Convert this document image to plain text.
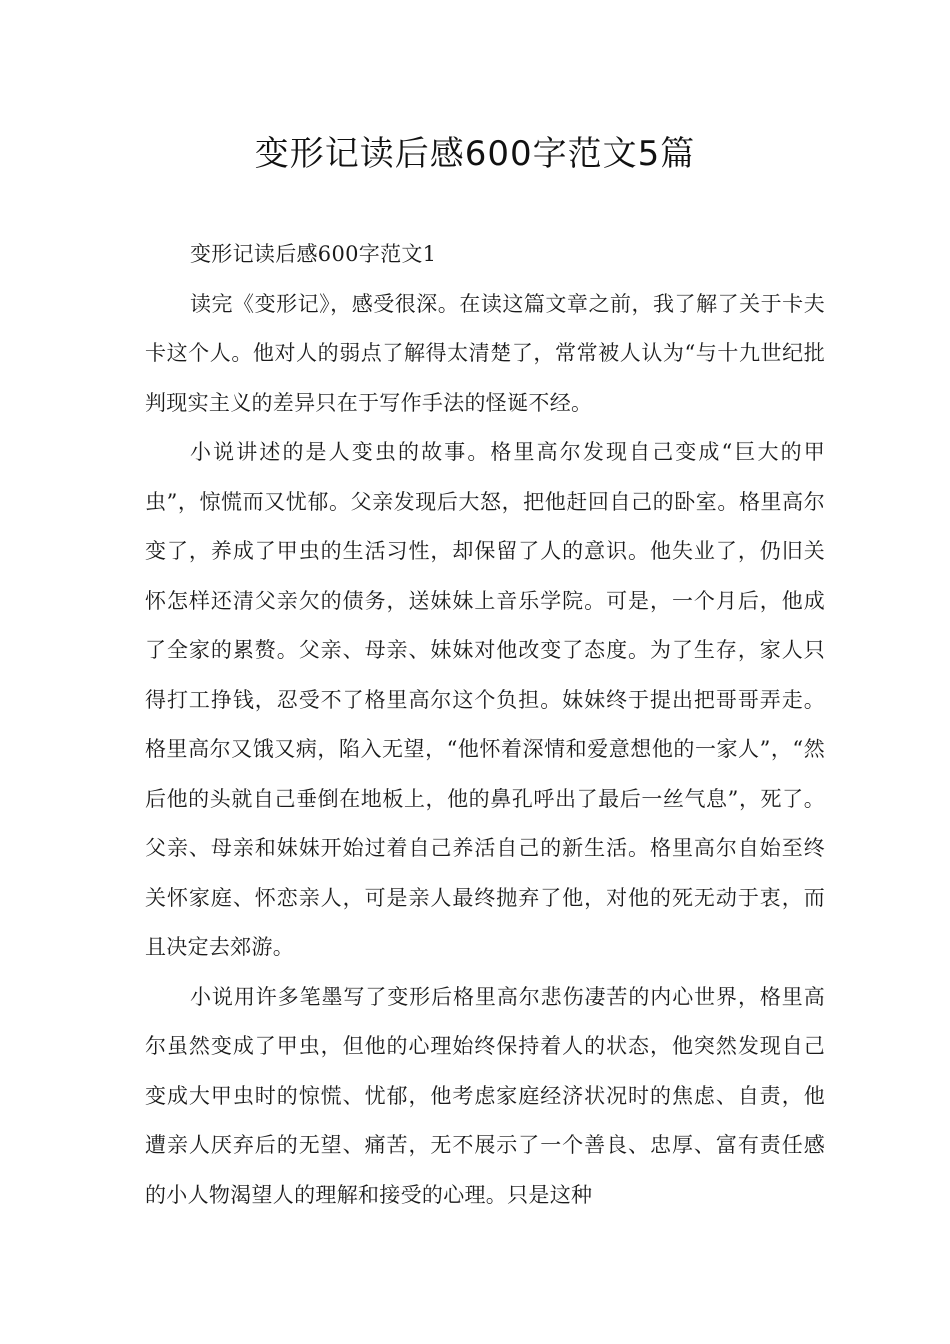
变形记读后感600字范文5篇

变形记读后感600字范文1

读完《变形记》，感受很深。在读这篇文章之前，我了解了关于卡夫卡这个人。他对人的弱点了解得太清楚了，常常被人认为“与十九世纪批判现实主义的差异只在于写作手法的怪诞不经。

小说讲述的是人变虫的故事。格里高尔发现自己变成“巨大的甲虫”，惊慌而又忧郁。父亲发现后大怒，把他赶回自己的卧室。格里高尔变了，养成了甲虫的生活习性，却保留了人的意识。他失业了，仍旧关怀怎样还清父亲欠的债务，送妹妹上音乐学院。可是，一个月后，他成了全家的累赘。父亲、母亲、妹妹对他改变了态度。为了生存，家人只得打工挣钱，忍受不了格里高尔这个负担。妹妹终于提出把哥哥弄走。格里高尔又饿又病，陷入无望，“他怀着深情和爱意想他的一家人”，“然后他的头就自己垂倒在地板上，他的鼻孔呼出了最后一丝气息”，死了。父亲、母亲和妹妹开始过着自己养活自己的新生活。格里高尔自始至终关怀家庭、怀恋亲人，可是亲人最终抛弃了他，对他的死无动于衷，而且决定去郊游。

小说用许多笔墨写了变形后格里高尔悲伤凄苦的内心世界，格里高尔虽然变成了甲虫，但他的心理始终保持着人的状态，他突然发现自己变成大甲虫时的惊慌、忧郁，他考虑家庭经济状况时的焦虑、自责，他遭亲人厌弃后的无望、痛苦，无不展示了一个善良、忠厚、富有责任感的小人物渴望人的理解和接受的心理。只是这种
